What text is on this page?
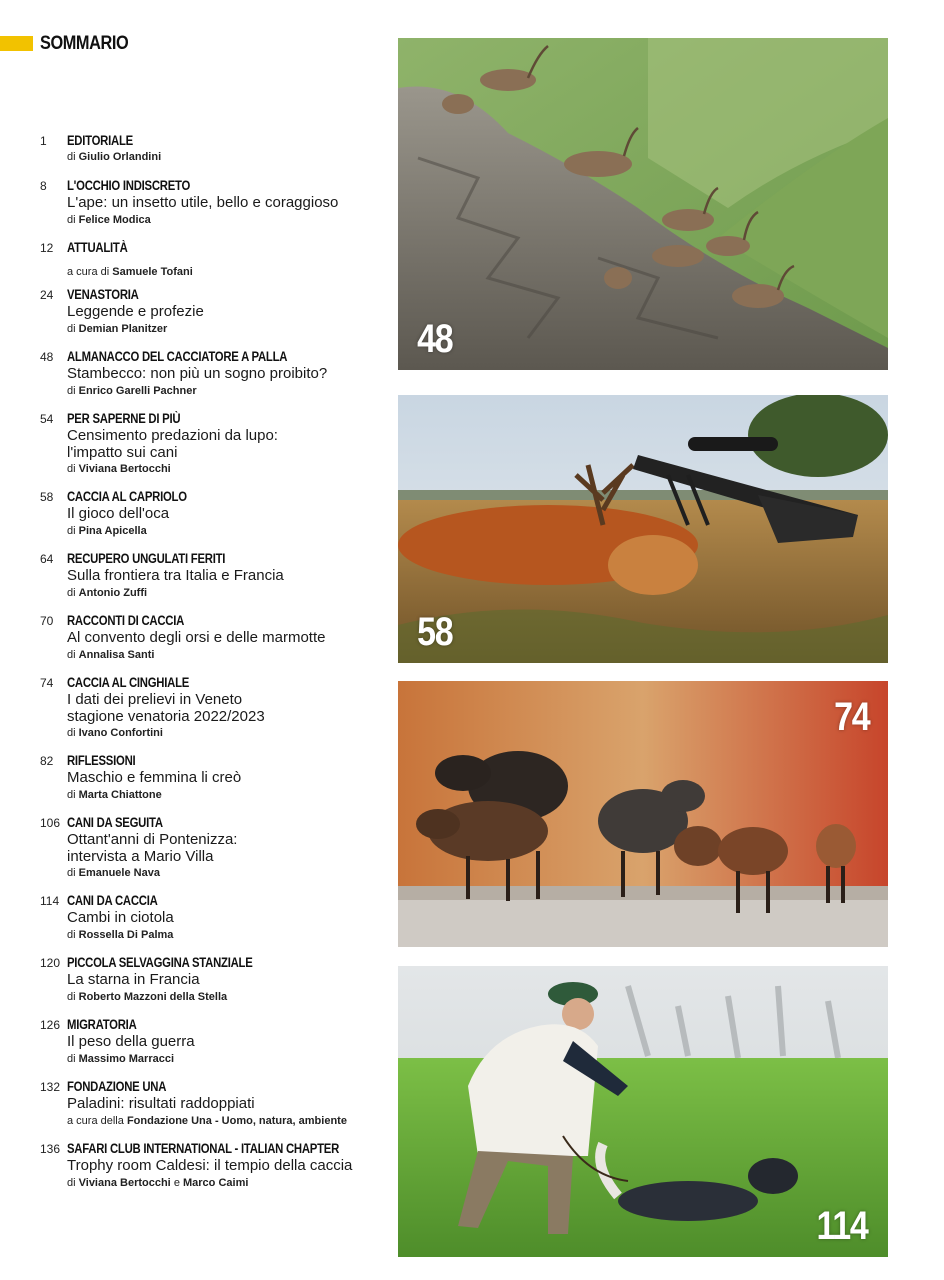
SOMMARIO
1 EDITORIALE
di Giulio Orlandini
8 L'OCCHIO INDISCRETO
L'ape: un insetto utile, bello e coraggioso
di Felice Modica
12 ATTUALITÀ
a cura di Samuele Tofani
24 VENASTORIA
Leggende e profezie
di Demian Planitzer
48 ALMANACCO DEL CACCIATORE A PALLA
Stambecco: non più un sogno proibito?
di Enrico Garelli Pachner
54 PER SAPERNE DI PIÙ
Censimento predazioni da lupo: l'impatto sui cani
di Viviana Bertocchi
58 CACCIA AL CAPRIOLO
Il gioco dell'oca
di Pina Apicella
64 RECUPERO UNGULATI FERITI
Sulla frontiera tra Italia e Francia
di Antonio Zuffi
70 RACCONTI DI CACCIA
Al convento degli orsi e delle marmotte
di Annalisa Santi
74 CACCIA AL CINGHIALE
I dati dei prelievi in Veneto stagione venatoria 2022/2023
di Ivano Confortini
82 RIFLESSIONI
Maschio e femmina li creò
di Marta Chiattone
106 CANI DA SEGUITA
Ottant'anni di Pontenizza: intervista a Mario Villa
di Emanuele Nava
114 CANI DA CACCIA
Cambi in ciotola
di Rossella Di Palma
120 PICCOLA SELVAGGINA STANZIALE
La starna in Francia
di Roberto Mazzoni della Stella
126 MIGRATORIA
Il peso della guerra
di Massimo Marracci
132 FONDAZIONE UNA
Paladini: risultati raddoppiati
a cura della Fondazione Una - Uomo, natura, ambiente
136 SAFARI CLUB INTERNATIONAL - ITALIAN CHAPTER
Trophy room Caldesi: il tempio della caccia
di Viviana Bertocchi e Marco Caimi
48
58
74
114
